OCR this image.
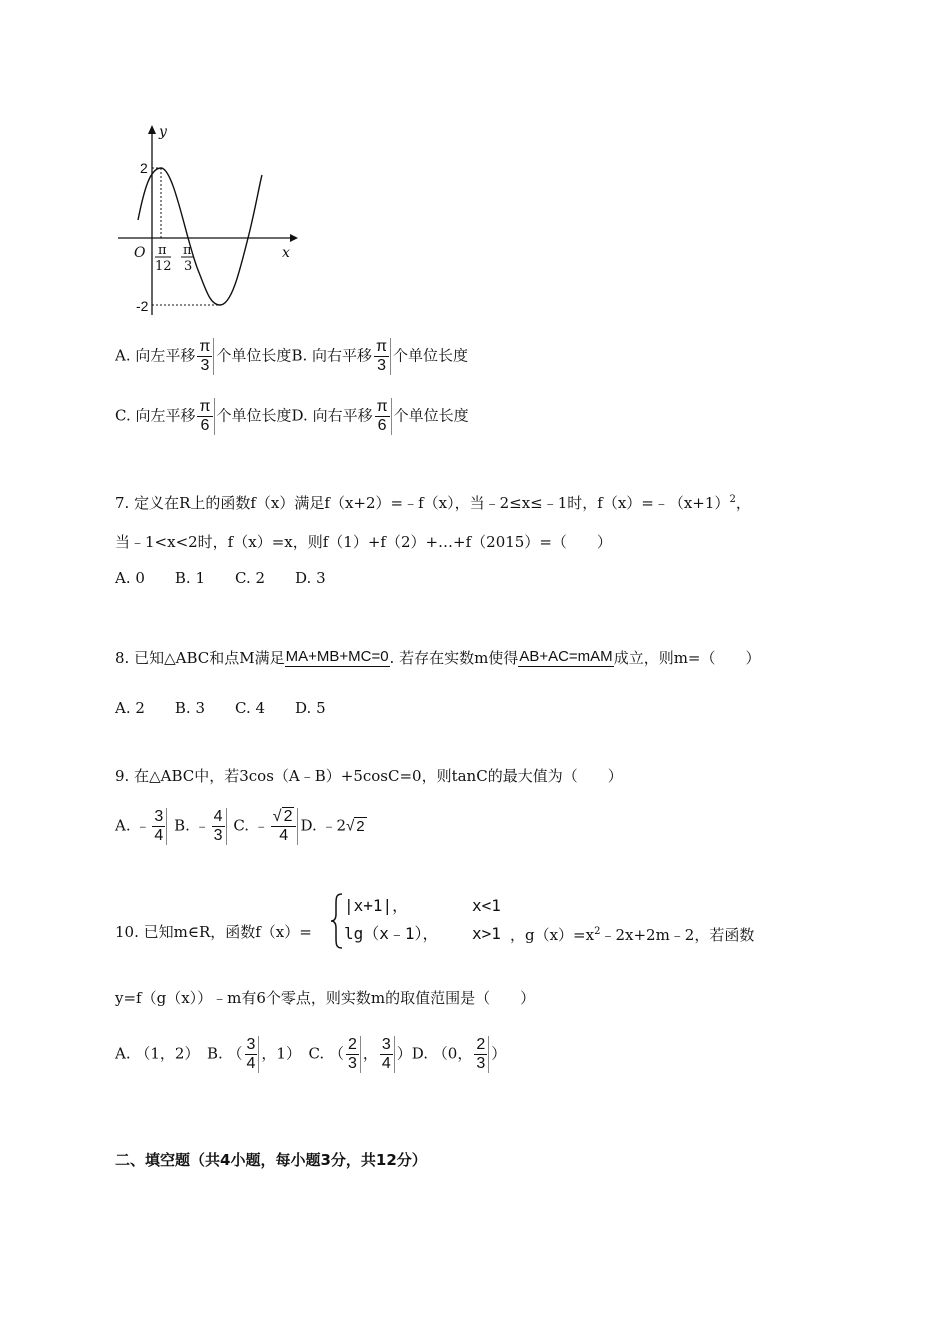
y
x
O
2
-2
π
12
π
3
A. 向左平移 $\frac{\pi}{3}$ 个单位长度B. 向右平移 $\frac{\pi}{3}$ 个单位长度
C. 向左平移 $\frac{\pi}{6}$ 个单位长度D. 向右平移 $\frac{\pi}{6}$ 个单位长度
7. 定义在R上的函数f（x）满足f（x+2）=﹣f（x），当﹣2≤x≤﹣1时，$f(x)=﹣(x+1)^2$，
当﹣1<x<2时，f（x）=x，则f（1）+f（2）+…+f（2015）=（　　）
A. 0　　B. 1　　C. 2　　D. 3
8. 已知△ABC和点M满足MA+MB+MC=0. 若存在实数m使得AB+AC=mAM成立，则m=（　　）
A. 2　　B. 3　　C. 4　　D. 5
9. 在△ABC中，若3cos（A﹣B）+5cosC=0，则tanC的最大值为（　　）
A. ﹣ $\frac{3}{4} B$. ﹣ $\frac{4}{3} C$. ﹣ $\frac{√ 2}{4} D$. ﹣2√ 2
10. 已知m∈R，函数f（x）=
|x+1|，	x<1
lg（x﹣1）， x>1 ，$g(x)=x^2﹣2x+2m﹣2$，若函数
y=f（g（x））﹣m有6个零点，则实数m的取值范围是（　　）
A. （1，2）　B. （ $\frac{3}{4}$ ，1）　C. （ $\frac{2}{3}$ ， $\frac{3}{4} )D$. （0， $\frac{2}{3}$ ）
二、填空题（共4小题，每小题3分，共12分）
